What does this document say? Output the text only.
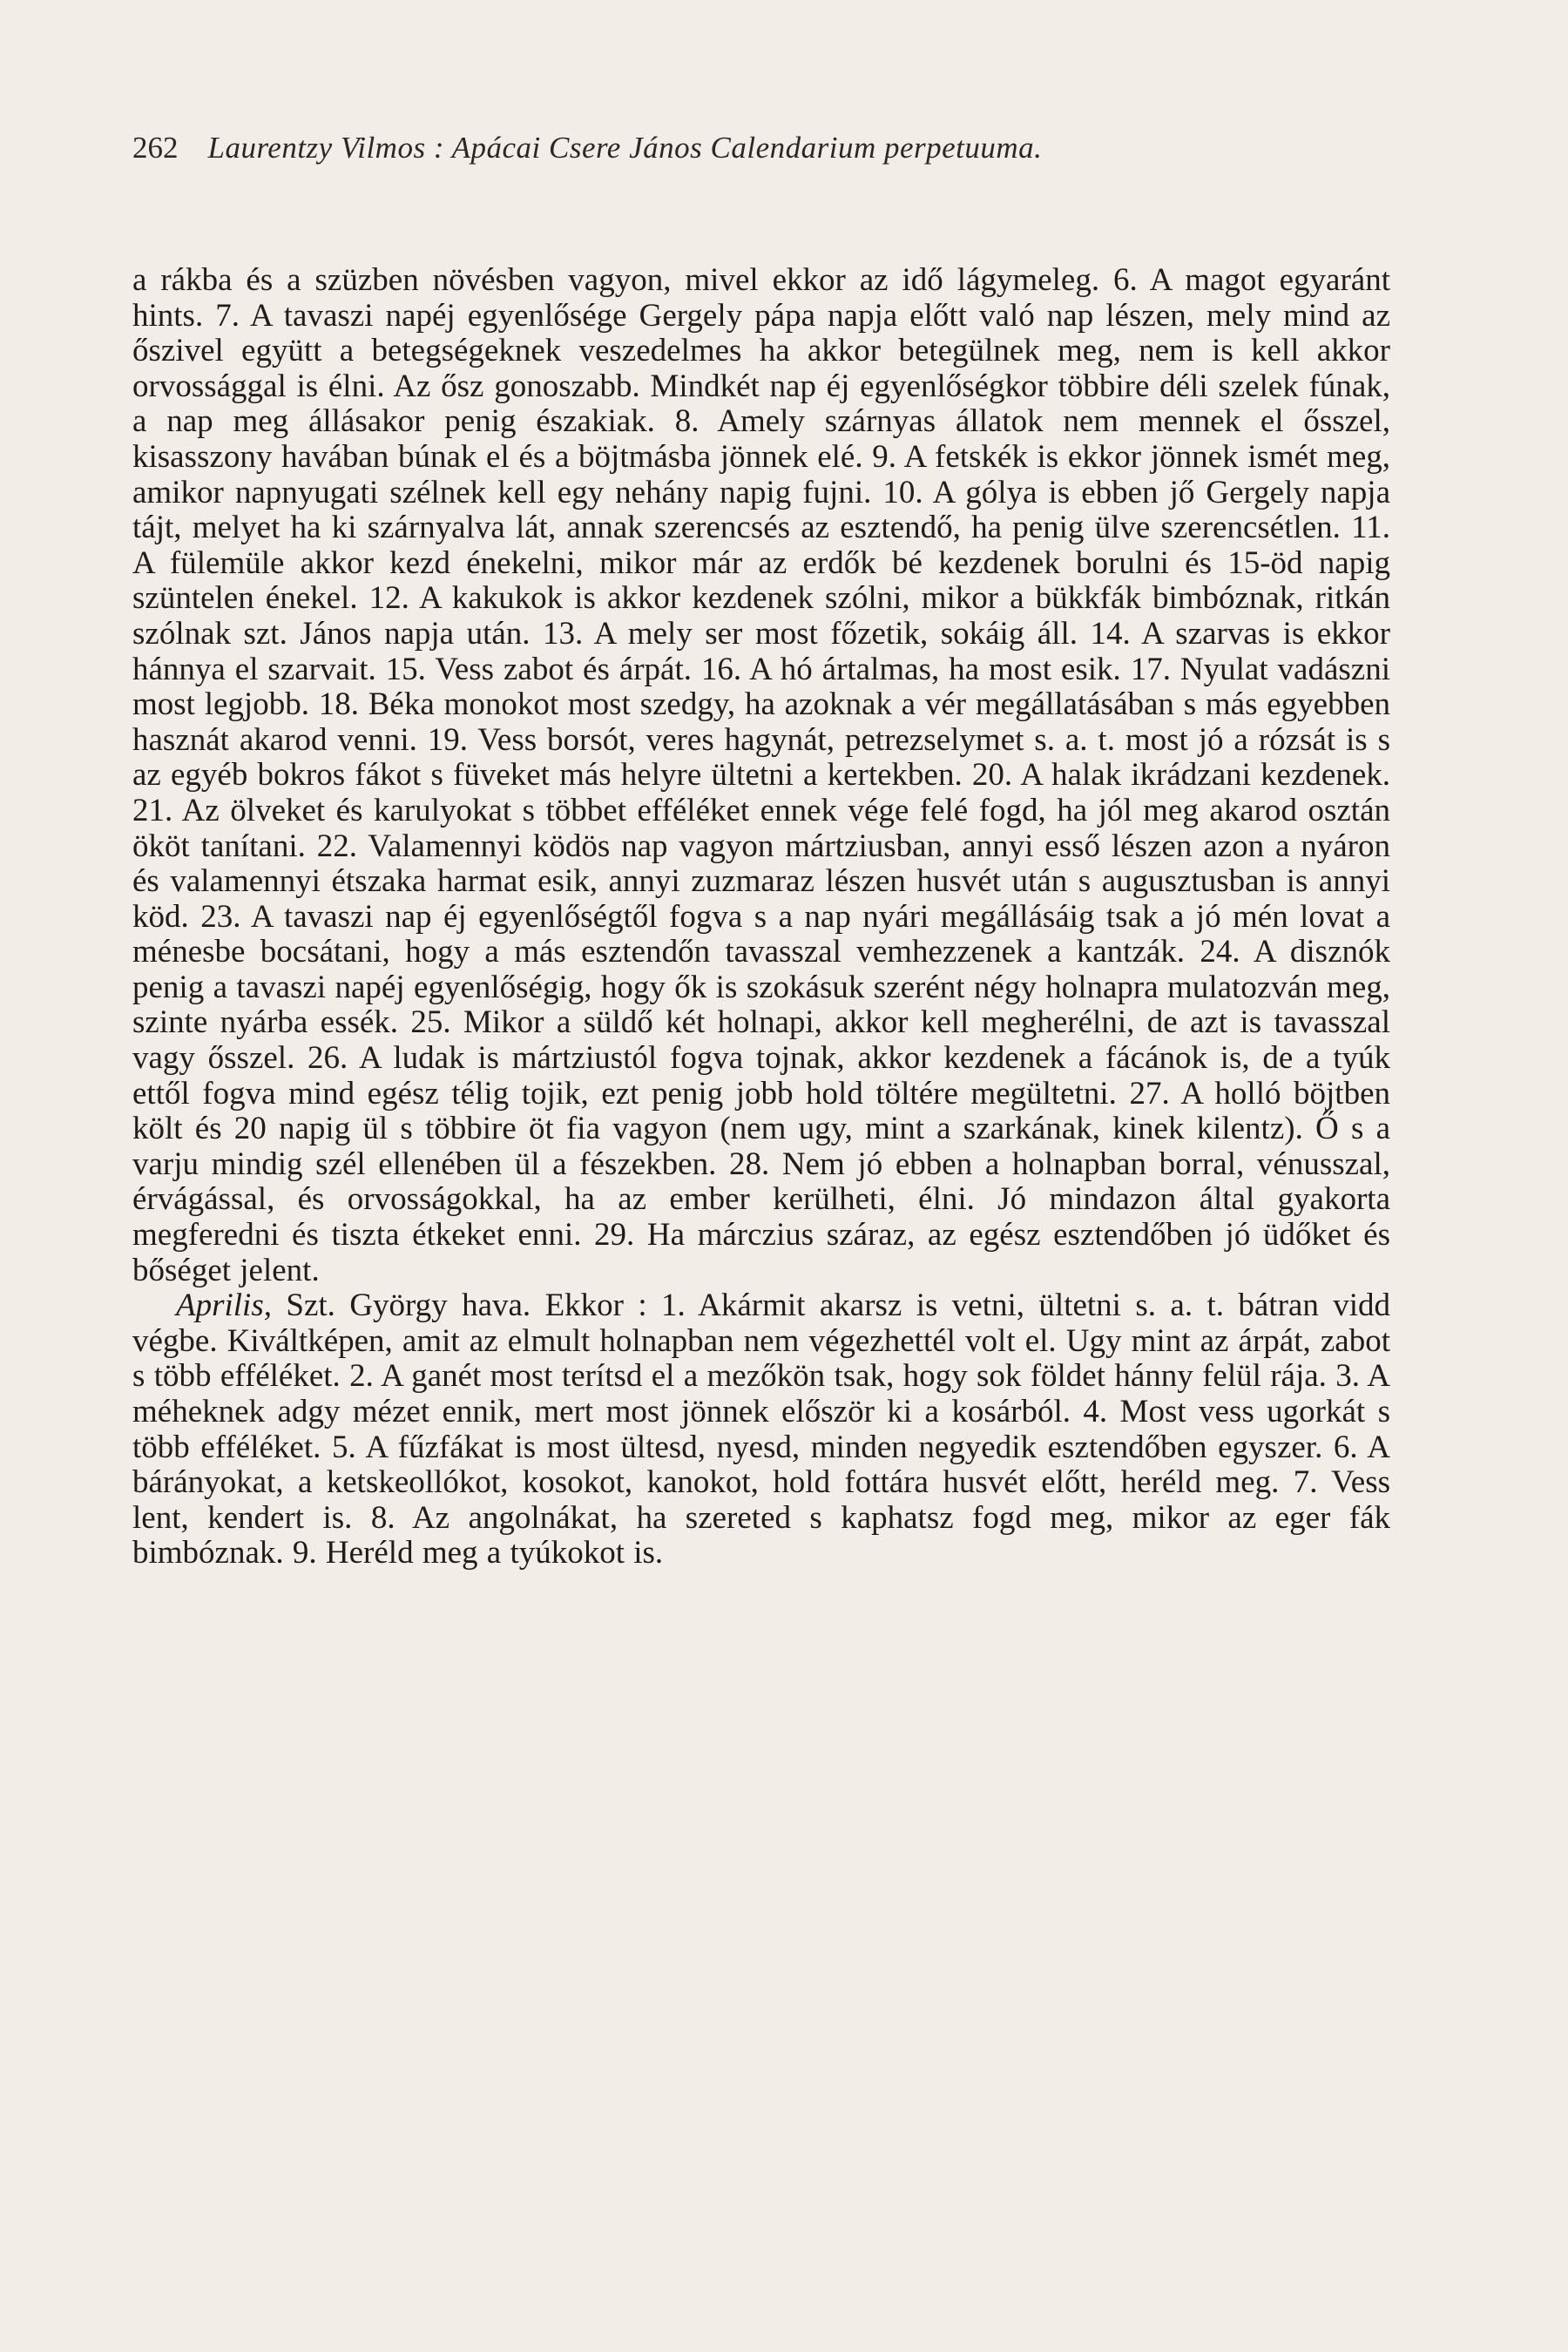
262 Laurentzy Vilmos : Apácai Csere János Calendarium perpetuuma.

a rákba és a szüzben növésben vagyon, mivel ekkor az idő lágymeleg. 6. A magot egyaránt hints. 7. A tavaszi napéj egyenlősége Gergely pápa napja előtt való nap lészen, mely mind az őszivel együtt a betegségeknek veszedelmes ha akkor betegülnek meg, nem is kell akkor orvossággal is élni. Az ősz gonoszabb. Mindkét nap éj egyenlőségkor többire déli szelek fúnak, a nap meg állásakor penig északiak. 8. Amely szárnyas állatok nem mennek el ősszel, kisasszony havában búnak el és a böjtmásba jönnek elé. 9. A fetskék is ekkor jönnek ismét meg, amikor napnyugati szélnek kell egy nehány napig fujni. 10. A gólya is ebben jő Gergely napja tájt, melyet ha ki szárnyalva lát, annak szerencsés az esztendő, ha penig ülve szerencsétlen. 11. A fülemüle akkor kezd énekelni, mikor már az erdők bé kezdenek borulni és 15-öd napig szüntelen énekel. 12. A kakukok is akkor kezdenek szólni, mikor a bükkfák bimbóznak, ritkán szólnak szt. János napja után. 13. A mely ser most főzetik, sokáig áll. 14. A szarvas is ekkor hánnya el szarvait. 15. Vess zabot és árpát. 16. A hó ártalmas, ha most esik. 17. Nyulat vadászni most legjobb. 18. Béka monokot most szedgy, ha azoknak a vér megállatásában s más egyebben hasznát akarod venni. 19. Vess borsót, veres hagynát, petrezselymet s. a. t. most jó a rózsát is s az egyéb bokros fákot s füveket más helyre ültetni a kertekben. 20. A halak ikrádzani kezdenek. 21. Az ölveket és karulyokat s többet efféléket ennek vége felé fogd, ha jól meg akarod osztán ököt tanítani. 22. Valamennyi ködös nap vagyon mártziusban, annyi esső lészen azon a nyáron és valamennyi étszaka harmat esik, annyi zuzmaraz lészen husvét után s augusztusban is annyi köd. 23. A tavaszi nap éj egyenlőségtől fogva s a nap nyári megállásáig tsak a jó mén lovat a ménesbe bocsátani, hogy a más esztendőn tavasszal vemhezzenek a kantzák. 24. A disznók penig a tavaszi napéj egyenlőségig, hogy ők is szokásuk szerént négy holnapra mulatozván meg, szinte nyárba essék. 25. Mikor a süldő két holnapi, akkor kell megherélni, de azt is tavasszal vagy ősszel. 26. A ludak is mártziustól fogva tojnak, akkor kezdenek a fácánok is, de a tyúk ettől fogva mind egész télig tojik, ezt penig jobb hold töltére megültetni. 27. A holló böjtben költ és 20 napig ül s többire öt fia vagyon (nem ugy, mint a szarkának, kinek kilentz). Ő s a varju mindig szél ellenében ül a fészekben. 28. Nem jó ebben a holnapban borral, vénusszal, érvágással, és orvosságokkal, ha az ember kerülheti, élni. Jó mindazon által gyakorta megferedni és tiszta étkeket enni. 29. Ha márczius száraz, az egész esztendőben jó üdőket és bőséget jelent.

Aprilis, Szt. György hava. Ekkor : 1. Akármit akarsz is vetni, ültetni s. a. t. bátran vidd végbe. Kiváltképen, amit az elmult holnapban nem végezhettél volt el. Ugy mint az árpát, zabot s több efféléket. 2. A ganét most terítsd el a mezőkön tsak, hogy sok földet hánny felül rája. 3. A méheknek adgy mézet ennik, mert most jönnek először ki a kosárból. 4. Most vess ugorkát s több efféléket. 5. A fűzfákat is most ültesd, nyesd, minden negyedik esztendőben egyszer. 6. A bárányokat, a ketskeollókot, kosokot, kanokot, hold fottára husvét előtt, heréld meg. 7. Vess lent, kendert is. 8. Az angolnákat, ha szereted s kaphatsz fogd meg, mikor az eger fák bimbóznak. 9. Heréld meg a tyúkokot is.
